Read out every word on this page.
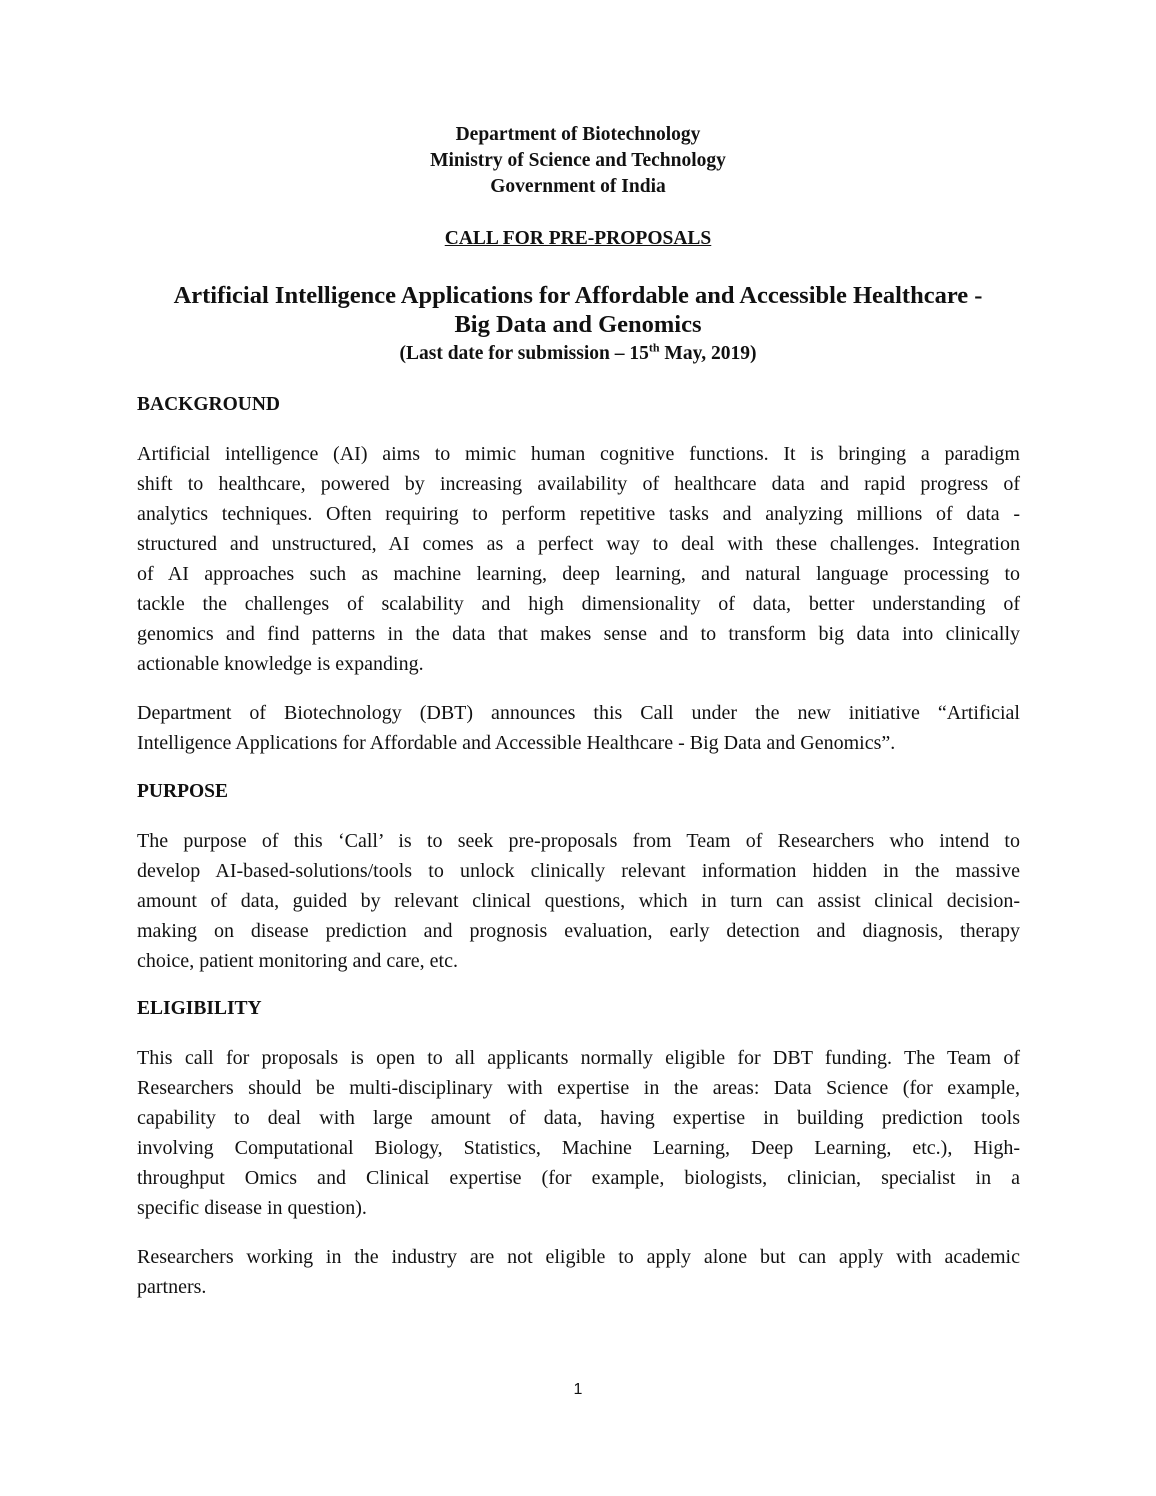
Department of Biotechnology
Ministry of Science and Technology
Government of India
CALL FOR PRE-PROPOSALS
Artificial Intelligence Applications for Affordable and Accessible Healthcare -
Big Data and Genomics
(Last date for submission – 15th May, 2019)
BACKGROUND
Artificial intelligence (AI) aims to mimic human cognitive functions. It is bringing a paradigm
shift to healthcare, powered by increasing availability of healthcare data and rapid progress of
analytics techniques. Often requiring to perform repetitive tasks and analyzing millions of data -
structured and unstructured, AI comes as a perfect way to deal with these challenges. Integration
of AI approaches such as machine learning, deep learning, and natural language processing to
tackle the challenges of scalability and high dimensionality of data, better understanding of
genomics and find patterns in the data that makes sense and to transform big data into clinically
actionable knowledge is expanding.
Department of Biotechnology (DBT) announces this Call under the new initiative “Artificial
Intelligence Applications for Affordable and Accessible Healthcare - Big Data and Genomics”.
PURPOSE
The purpose of this ‘Call’ is to seek pre-proposals from Team of Researchers who intend to
develop AI-based-solutions/tools to unlock clinically relevant information hidden in the massive
amount of data, guided by relevant clinical questions, which in turn can assist clinical decision-
making on disease prediction and prognosis evaluation, early detection and diagnosis, therapy
choice, patient monitoring and care, etc.
ELIGIBILITY
This call for proposals is open to all applicants normally eligible for DBT funding. The Team of
Researchers should be multi-disciplinary with expertise in the areas: Data Science (for example,
capability to deal with large amount of data, having expertise in building prediction tools
involving Computational Biology, Statistics, Machine Learning, Deep Learning, etc.), High-
throughput Omics and Clinical expertise (for example, biologists, clinician, specialist in a
specific disease in question).
Researchers working in the industry are not eligible to apply alone but can apply with academic
partners.
1
